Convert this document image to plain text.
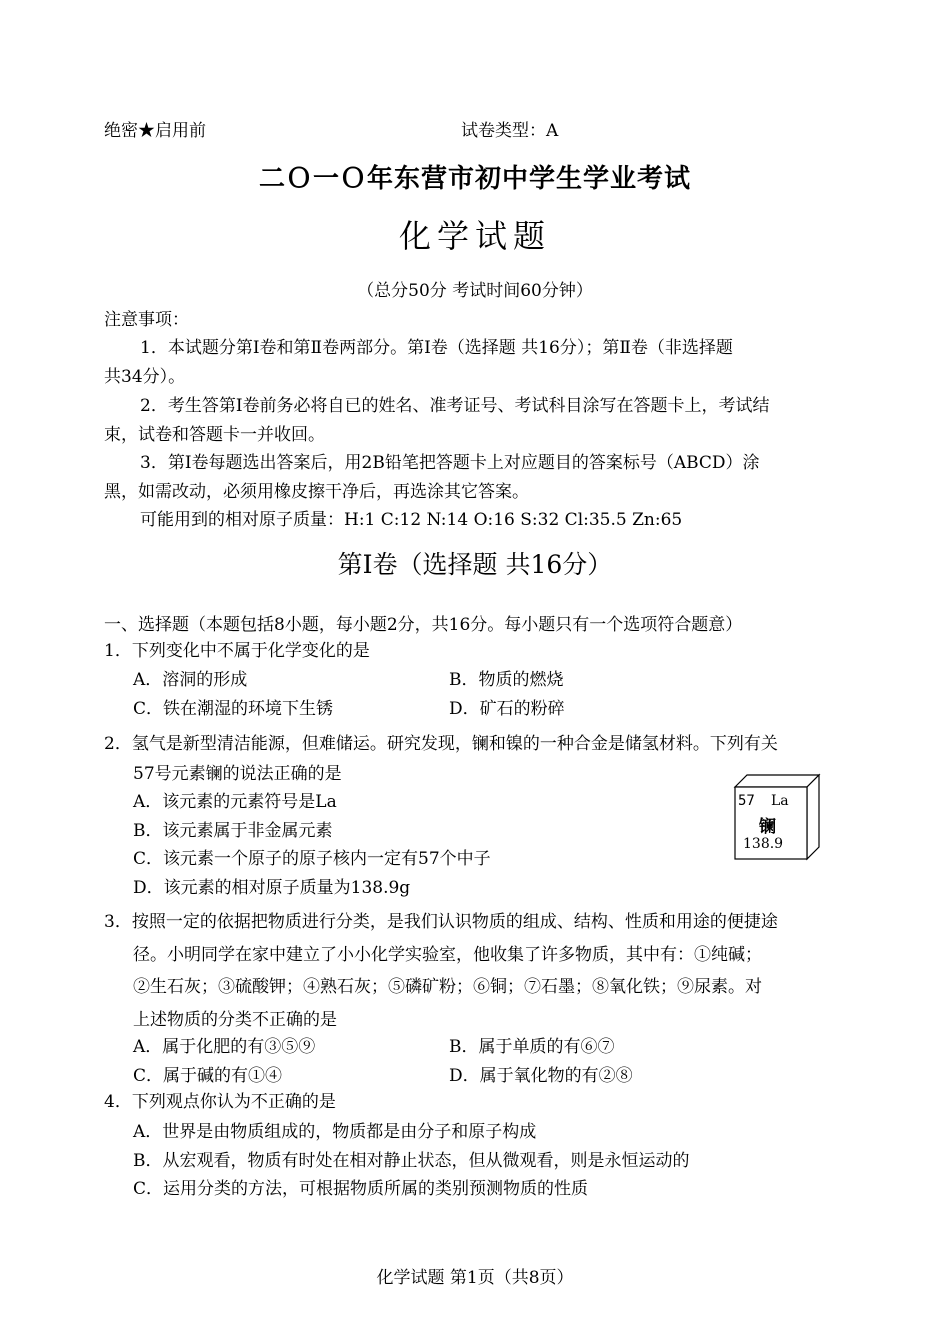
绝密★启用前	试卷类型：A
二Ｏ一Ｏ年东营市初中学生学业考试
化学试题
（总分50分 考试时间60分钟）
注意事项：
1．本试题分第Ⅰ卷和第Ⅱ卷两部分。第I卷（选择题 共16分）；第Ⅱ卷（非选择题
共34分）。
2．考生答第Ⅰ卷前务必将自已的姓名、准考证号、考试科目涂写在答题卡上，考试结
束，试卷和答题卡一并收回。
3．第I卷每题选出答案后，用2B铅笔把答题卡上对应题目的答案标号（ABCD）涂
黑，如需改动，必须用橡皮擦干净后，再选涂其它答案。
可能用到的相对原子质量：H:1 C:12 N:14 O:16 S:32 Cl:35.5 Zn:65
第I卷（选择题 共16分）
一、选择题（本题包括8小题，每小题2分，共16分。每小题只有一个选项符合题意）
1．下列变化中不属于化学变化的是
A．溶洞的形成	B．物质的燃烧
C．铁在潮湿的环境下生锈	D．矿石的粉碎
2．氢气是新型清洁能源，但难储运。研究发现，镧和镍的一种合金是储氢材料。下列有关
57号元素镧的说法正确的是
A．该元素的元素符号是La
B．该元素属于非金属元素
C．该元素一个原子的原子核内一定有57个中子
D．该元素的相对原子质量为138.9g
57 La
镧
138.9
3．按照一定的依据把物质进行分类，是我们认识物质的组成、结构、性质和用途的便捷途
径。小明同学在家中建立了小小化学实验室，他收集了许多物质，其中有：①纯碱；
②生石灰；③硫酸钾；④熟石灰；⑤磷矿粉；⑥铜；⑦石墨；⑧氧化铁；⑨尿素。对
上述物质的分类不正确的是
A．属于化肥的有③⑤⑨	B．属于单质的有⑥⑦
C．属于碱的有①④	D．属于氧化物的有②⑧
4．下列观点你认为不正确的是
A．世界是由物质组成的，物质都是由分子和原子构成
B．从宏观看，物质有时处在相对静止状态，但从微观看，则是永恒运动的
C．运用分类的方法，可根据物质所属的类别预测物质的性质
化学试题 第1页（共8页）
